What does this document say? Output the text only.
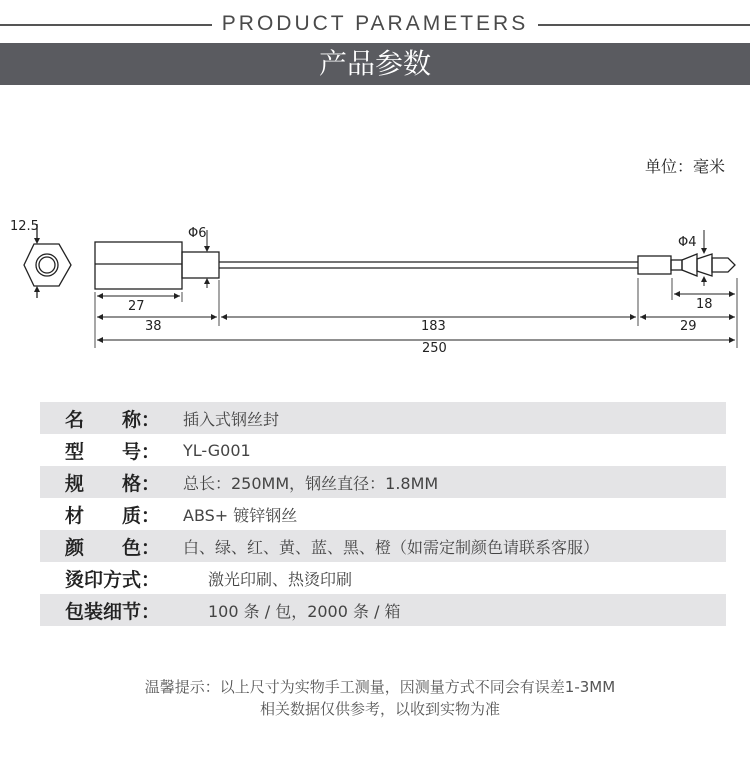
PRODUCT PARAMETERS
产品参数
单位：毫米
12.5	Φ6
Φ4
27
38	183	29
18
250
名 称： 插入式钢丝封
型 号： YL-G001
规 格： 总长：250MM，钢丝直径：1.8MM
材 质： ABS+ 镀锌钢丝
颜 色： 白、绿、红、黄、蓝、黑、橙（如需定制颜色请联系客服）
烫印方式：	激光印刷、热烫印刷
包装细节：	100 条 / 包，2000 条 / 箱
温馨提示：以上尺寸为实物手工测量，因测量方式不同会有误差1-3MM
相关数据仅供参考，以收到实物为准
